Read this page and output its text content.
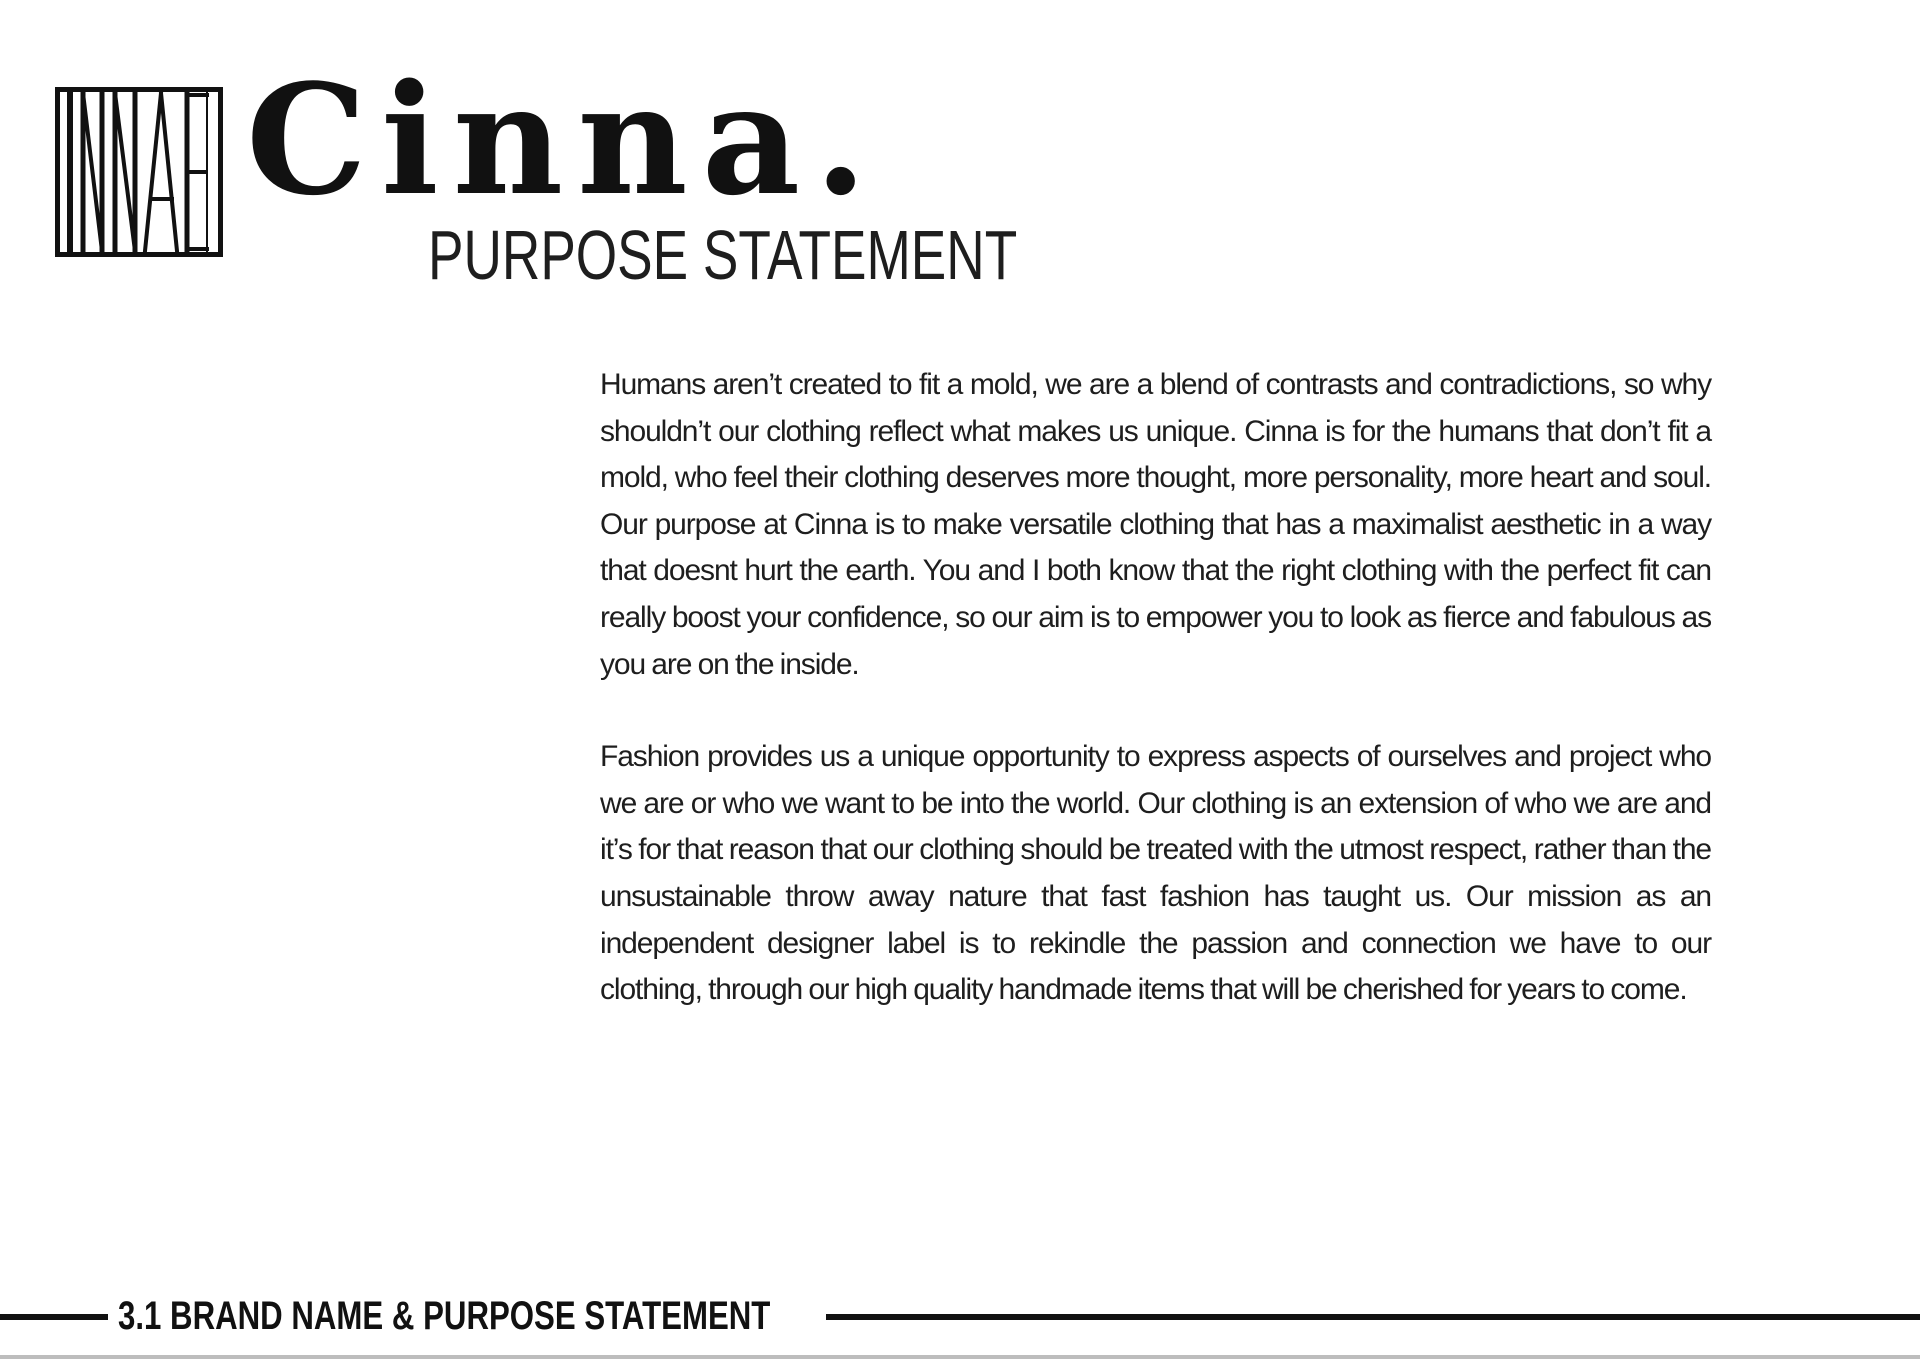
Cinna.
PURPOSE STATEMENT

Humans aren’t created to fit a mold, we are a blend of contrasts and contradictions, so why shouldn’t our clothing reflect what makes us unique. Cinna is for the humans that don’t fit a mold, who feel their clothing deserves more thought, more personality, more heart and soul. Our purpose at Cinna is to make versatile clothing that has a maximalist aesthetic in a way that doesnt hurt the earth. You and I both know that the right clothing with the perfect fit can really boost your confidence, so our aim is to empower you to look as fierce and fabulous as you are on the inside.

Fashion provides us a unique opportunity to express aspects of ourselves and project who we are or who we want to be into the world. Our clothing is an extension of who we are and it’s for that reason that our clothing should be treated with the utmost respect, rather than the unsustainable throw away nature that fast fashion has taught us. Our mission as an independent designer label is to rekindle the passion and connection we have to our clothing, through our high quality handmade items that will be cherished for years to come.

3.1 BRAND NAME & PURPOSE STATEMENT
